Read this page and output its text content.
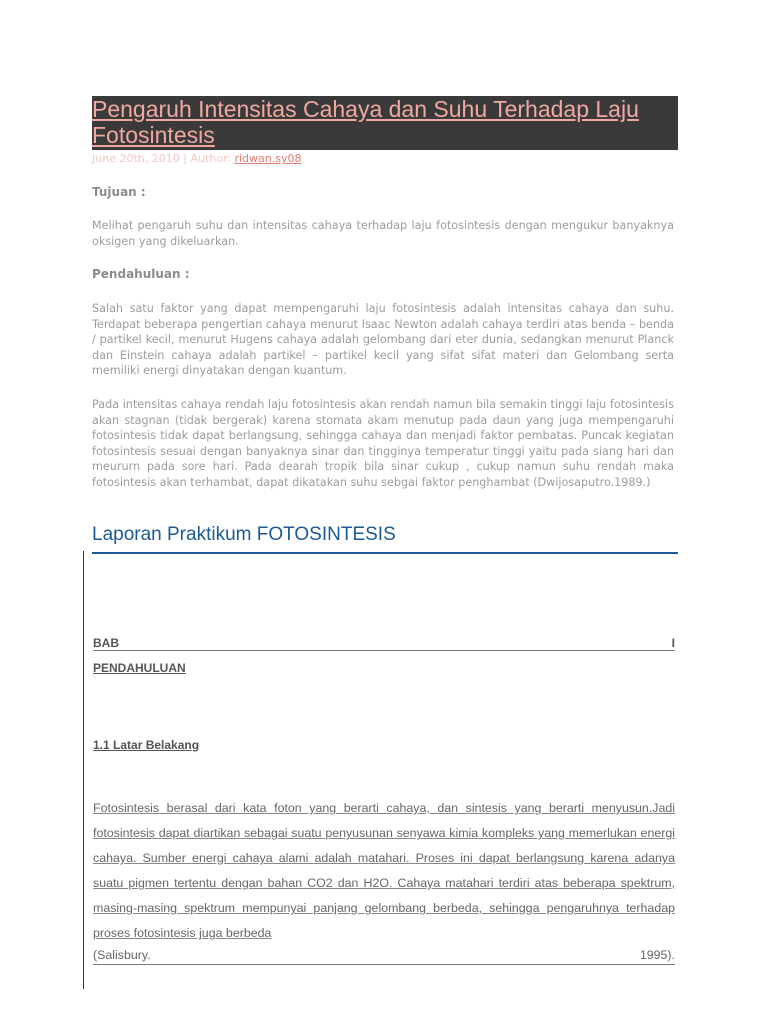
Pengaruh Intensitas Cahaya dan Suhu Terhadap Laju Fotosintesis
June 20th, 2010 | Author: ridwan.sy08
Tujuan :

Melihat pengaruh suhu dan intensitas cahaya terhadap laju fotosintesis dengan mengukur banyaknya oksigen yang dikeluarkan.

Pendahuluan :

Salah satu faktor yang dapat mempengaruhi laju fotosintesis adalah intensitas cahaya dan suhu. Terdapat beberapa pengertian cahaya menurut Isaac Newton adalah cahaya terdiri atas benda – benda / partikel kecil, menurut Hugens cahaya adalah gelombang dari eter dunia, sedangkan menurut Planck dan Einstein cahaya adalah partikel – partikel kecil yang sifat sifat materi dan Gelombang serta memiliki energi dinyatakan dengan kuantum.

Pada intensitas cahaya rendah laju fotosintesis akan rendah namun bila semakin tinggi laju fotosintesis akan stagnan (tidak bergerak) karena stomata akam menutup pada daun yang juga mempengaruhi fotosintesis tidak dapat berlangsung, sehingga cahaya dan menjadi faktor pembatas. Puncak kegiatan fotosintesis sesuai dengan banyaknya sinar dan tingginya temperatur tinggi yaitu pada siang hari dan meururn pada sore hari. Pada dearah tropik bila sinar cukup , cukup namun suhu rendah maka fotosintesis akan terhambat, dapat dikatakan suhu sebgai faktor penghambat (Dwijosaputro.1989.)

Laporan Praktikum FOTOSINTESIS
BAB	I
PENDAHULUAN
1.1 Latar Belakang

Fotosintesis berasal dari kata foton yang berarti cahaya, dan sintesis yang berarti menyusun.Jadi fotosintesis dapat diartikan sebagai suatu penyusunan senyawa kimia kompleks yang memerlukan energi cahaya. Sumber energi cahaya alami adalah matahari. Proses ini dapat berlangsung karena adanya suatu pigmen tertentu dengan bahan CO2 dan H2O. Cahaya matahari terdiri atas beberapa spektrum, masing-masing spektrum mempunyai panjang gelombang berbeda, sehingga pengaruhnya terhadap proses fotosintesis juga berbeda

(Salisbury.	1995).
